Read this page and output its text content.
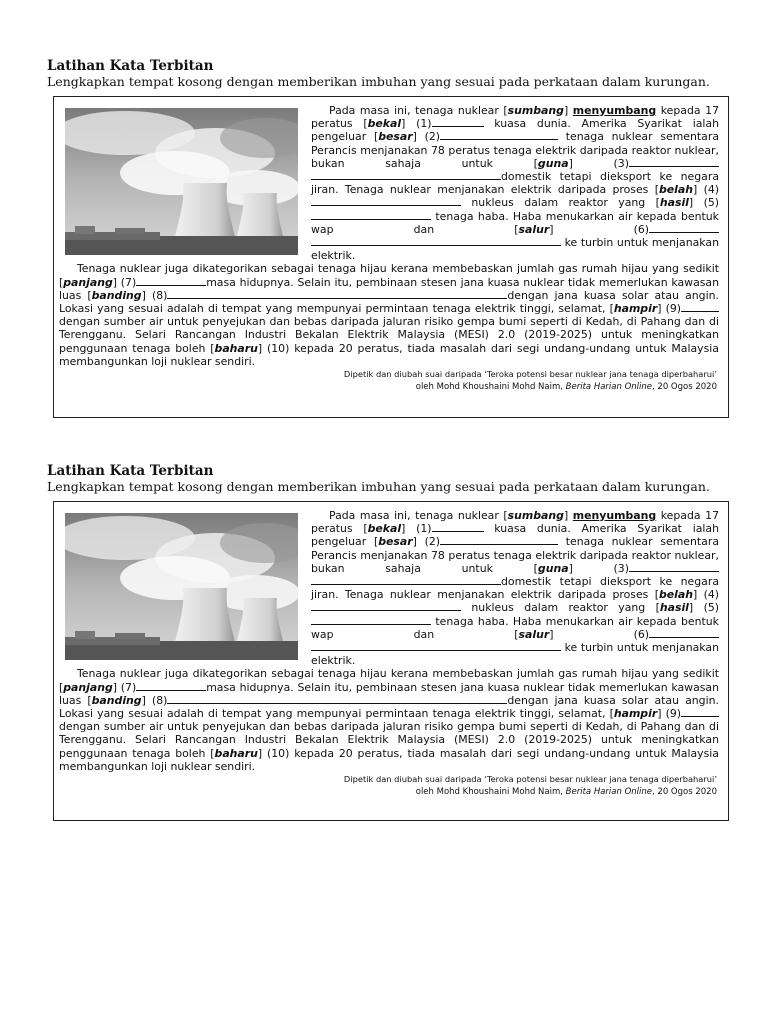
Latihan Kata Terbitan
Lengkapkan tempat kosong dengan memberikan imbuhan yang sesuai pada perkataan dalam kurungan.

Pada masa ini, tenaga nuklear [sumbang] menyumbang kepada 17 peratus [bekal] (1)	kuasa dunia. Amerika Syarikat ialah pengeluar [besar] (2)	tenaga nuklear sementara Perancis menjanakan 78 peratus tenaga elektrik daripada reaktor nuklear, bukan sahaja untuk [guna] (3) domestik tetapi dieksport ke negara jiran. Tenaga nuklear menjanakan elektrik daripada proses [belah] (4) nukleus dalam reaktor yang [hasil] (5) tenaga haba. Haba menukarkan air kepada bentuk wap dan [salur] (6)  ke turbin untuk menjanakan elektrik.

Tenaga nuklear juga dikategorikan sebagai tenaga hijau kerana membebaskan jumlah gas rumah hijau yang sedikit [panjang] (7)	masa hidupnya. Selain itu, pembinaan stesen jana kuasa nuklear tidak memerlukan kawasan luas [banding] (8)	dengan jana kuasa solar atau angin. Lokasi yang sesuai adalah di tempat yang mempunyai permintaan tenaga elektrik tinggi, selamat, [hampir] (9)dengan sumber air untuk penyejukan dan bebas daripada jaluran risiko gempa bumi seperti di Kedah, di Pahang dan di Terengganu. Selari Rancangan Industri Bekalan Elektrik Malaysia (MESI) 2.0 (2019-2025) untuk meningkatkan penggunaan tenaga boleh [baharu] (10) kepada 20 peratus, tiada masalah dari segi undang-undang untuk Malaysia membangunkan loji nuklear sendiri.

Dipetik dan diubah suai daripada ‘Teroka potensi besar nuklear jana tenaga diperbaharui’
oleh Mohd Khoushaini Mohd Naim, Berita Harian Online, 20 Ogos 2020
Latihan Kata Terbitan
Lengkapkan tempat kosong dengan memberikan imbuhan yang sesuai pada perkataan dalam kurungan.

Pada masa ini, tenaga nuklear [sumbang] menyumbang kepada 17 peratus [bekal] (1)	kuasa dunia. Amerika Syarikat ialah pengeluar [besar] (2)	tenaga nuklear sementara Perancis menjanakan 78 peratus tenaga elektrik daripada reaktor nuklear, bukan sahaja untuk [guna] (3) domestik tetapi dieksport ke negara jiran. Tenaga nuklear menjanakan elektrik daripada proses [belah] (4) nukleus dalam reaktor yang [hasil] (5) tenaga haba. Haba menukarkan air kepada bentuk wap dan [salur] (6)  ke turbin untuk menjanakan elektrik.

Tenaga nuklear juga dikategorikan sebagai tenaga hijau kerana membebaskan jumlah gas rumah hijau yang sedikit [panjang] (7)	masa hidupnya. Selain itu, pembinaan stesen jana kuasa nuklear tidak memerlukan kawasan luas [banding] (8)	dengan jana kuasa solar atau angin. Lokasi yang sesuai adalah di tempat yang mempunyai permintaan tenaga elektrik tinggi, selamat, [hampir] (9)dengan sumber air untuk penyejukan dan bebas daripada jaluran risiko gempa bumi seperti di Kedah, di Pahang dan di Terengganu. Selari Rancangan Industri Bekalan Elektrik Malaysia (MESI) 2.0 (2019-2025) untuk meningkatkan penggunaan tenaga boleh [baharu] (10) kepada 20 peratus, tiada masalah dari segi undang-undang untuk Malaysia membangunkan loji nuklear sendiri.

Dipetik dan diubah suai daripada ‘Teroka potensi besar nuklear jana tenaga diperbaharui’
oleh Mohd Khoushaini Mohd Naim, Berita Harian Online, 20 Ogos 2020
